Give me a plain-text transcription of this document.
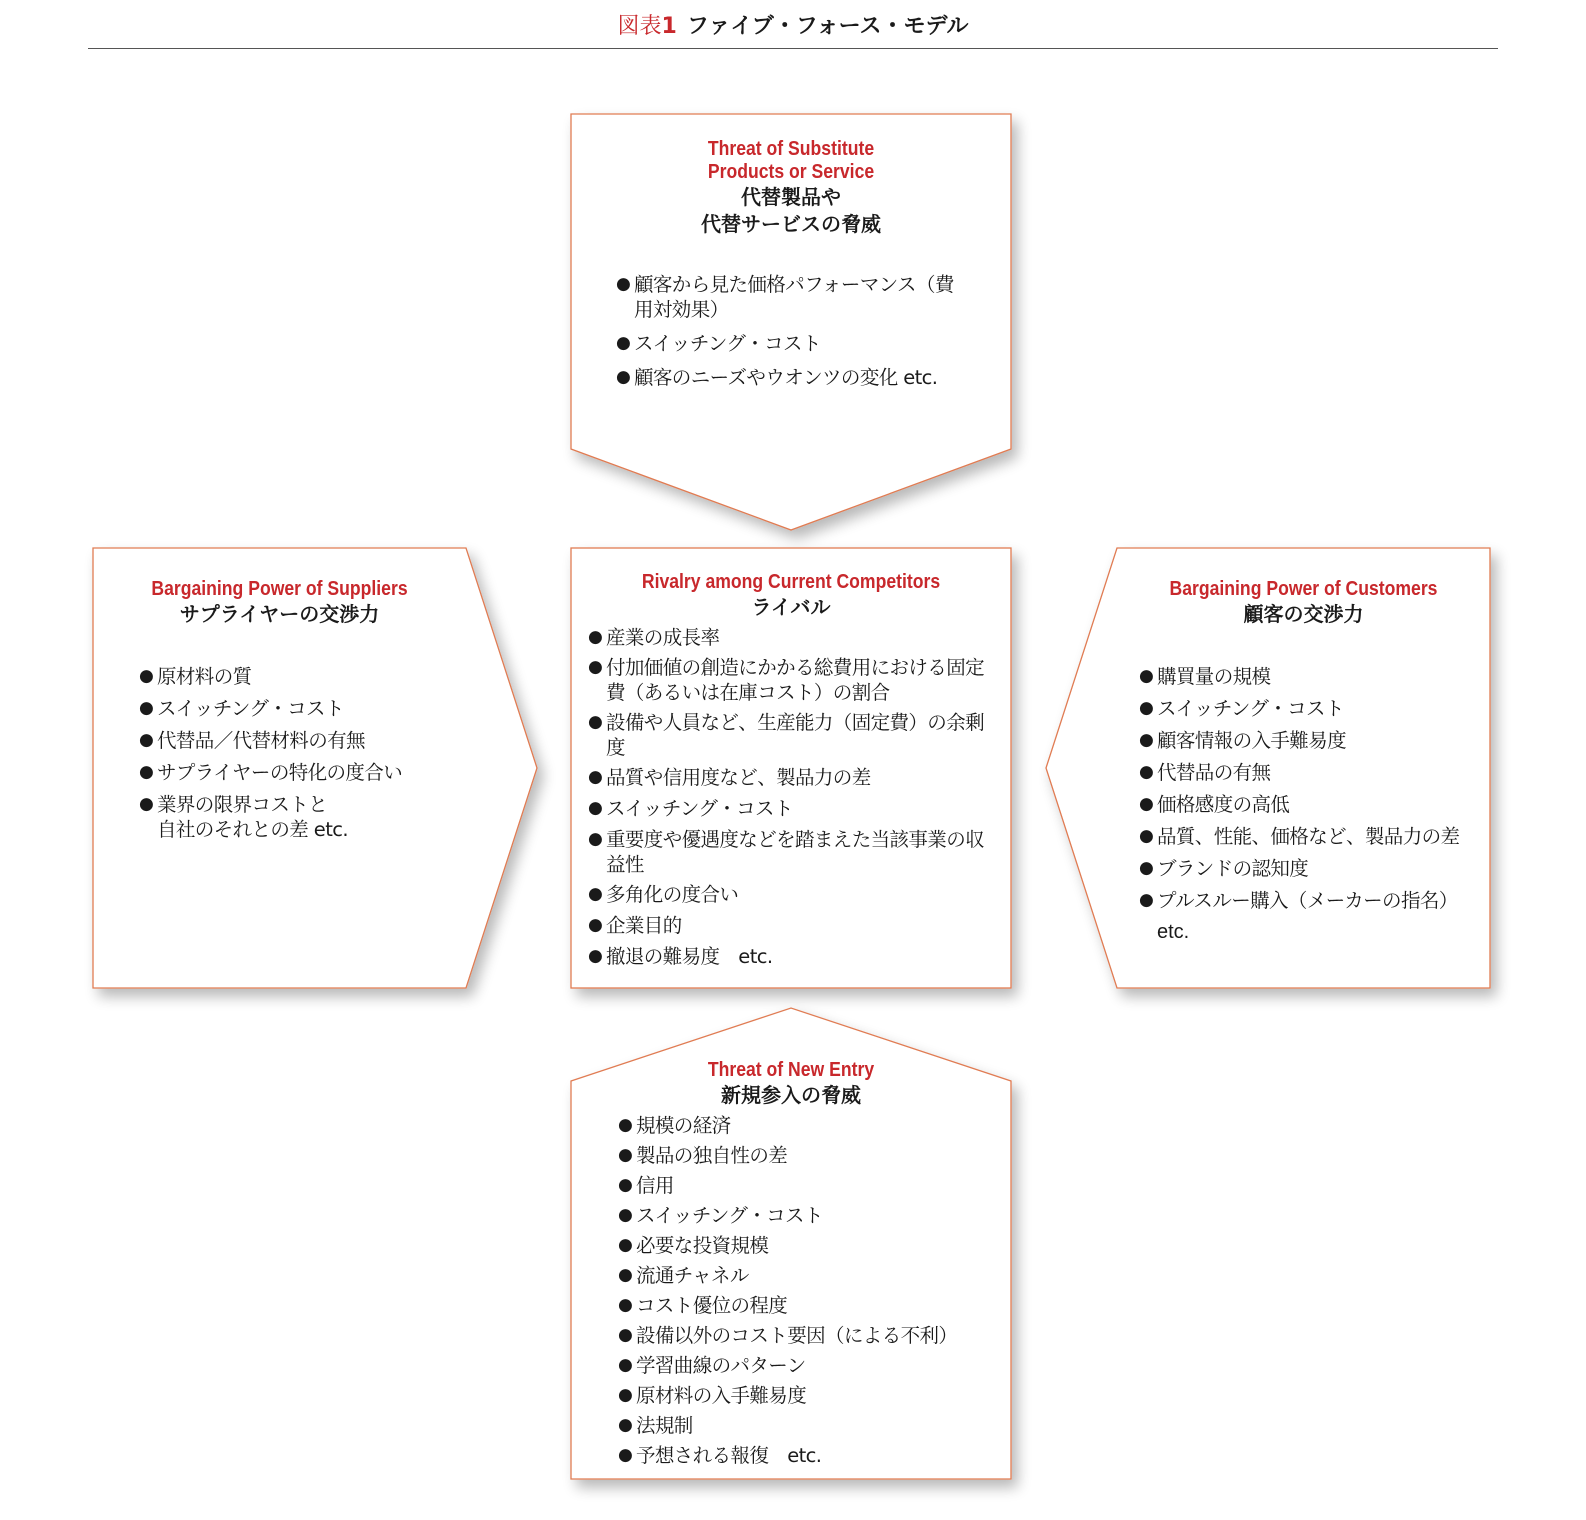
図表1 ファイブ・フォース・モデル
Threat of Substitute
Products or Service
代替製品や
代替サービスの脅威
● 顧客から見た価格パフォーマンス（費用対効果）
● スイッチング・コスト
● 顧客のニーズやウオンツの変化 etc.
Bargaining Power of Suppliers
サプライヤーの交渉力
● 原材料の質
● スイッチング・コスト
● 代替品／代替材料の有無
● サプライヤーの特化の度合い
● 業界の限界コストと
自社のそれとの差 etc.
Rivalry among Current Competitors
ライバル
● 産業の成長率
● 付加価値の創造にかかる総費用における固定費（あるいは在庫コスト）の割合
● 設備や人員など、生産能力（固定費）の余剰度
● 品質や信用度など、製品力の差
● スイッチング・コスト
● 重要度や優遇度などを踏まえた当該事業の収益性
● 多角化の度合い
● 企業目的
● 撤退の難易度　etc.
Bargaining Power of Customers
顧客の交渉力
● 購買量の規模
● スイッチング・コスト
● 顧客情報の入手難易度
● 代替品の有無
● 価格感度の高低
● 品質、性能、価格など、製品力の差
● ブランドの認知度
● プルスルー購入（メーカーの指名）
etc.
Threat of New Entry
新規参入の脅威
● 規模の経済
● 製品の独自性の差
● 信用
● スイッチング・コスト
● 必要な投資規模
● 流通チャネル
● コスト優位の程度
● 設備以外のコスト要因（による不利）
● 学習曲線のパターン
● 原材料の入手難易度
● 法規制
● 予想される報復　etc.
